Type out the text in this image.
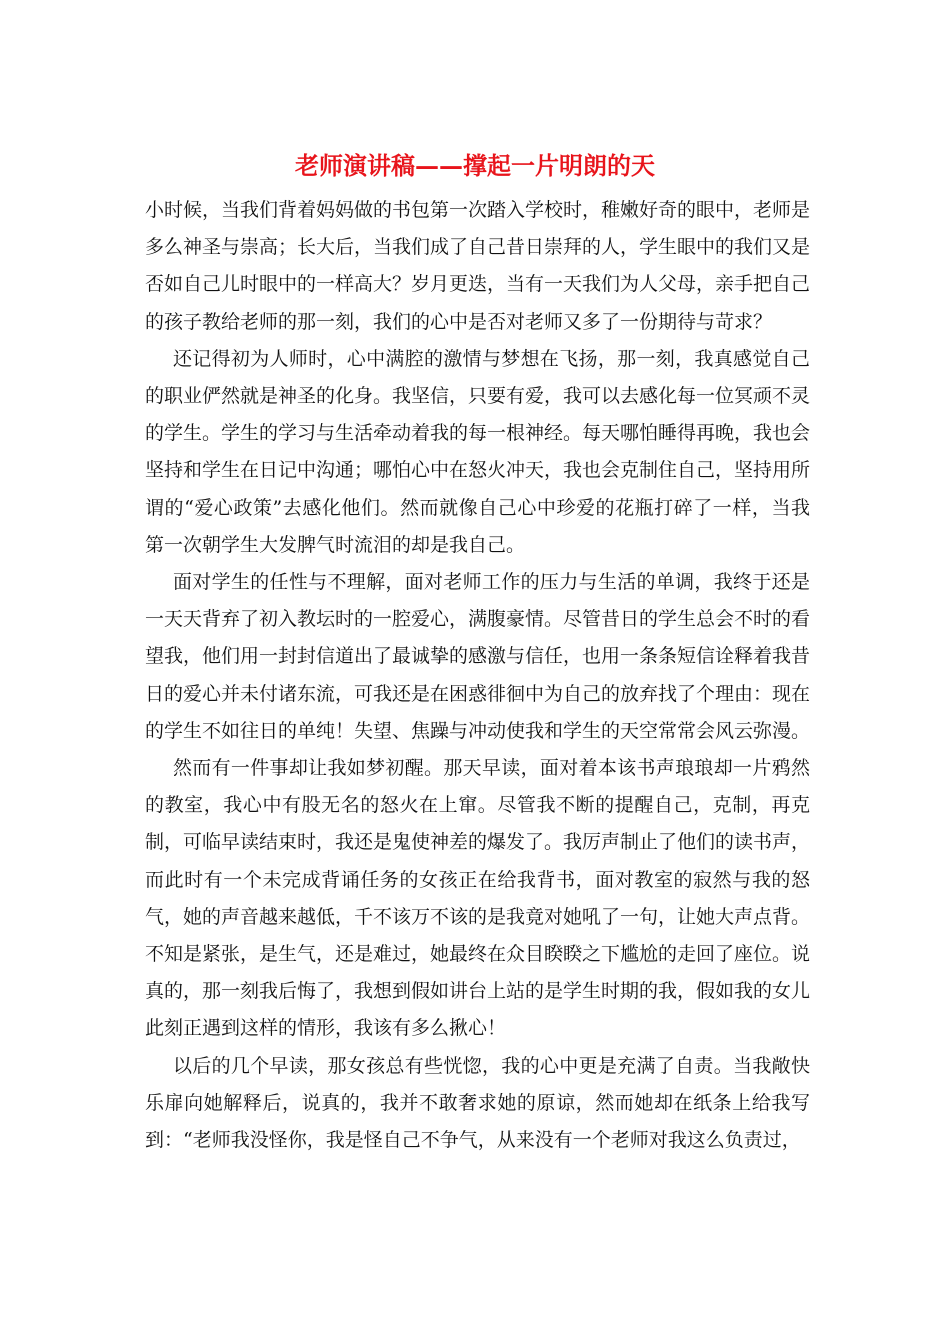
老师演讲稿——撑起一片明朗的天

小时候，当我们背着妈妈做的书包第一次踏入学校时，稚嫩好奇的眼中，老师是多么神圣与崇高；长大后，当我们成了自己昔日崇拜的人，学生眼中的我们又是否如自己儿时眼中的一样高大？岁月更迭，当有一天我们为人父母，亲手把自己的孩子教给老师的那一刻，我们的心中是否对老师又多了一份期待与苛求？

还记得初为人师时，心中满腔的激情与梦想在飞扬，那一刻，我真感觉自己的职业俨然就是神圣的化身。我坚信，只要有爱，我可以去感化每一位冥顽不灵的学生。学生的学习与生活牵动着我的每一根神经。每天哪怕睡得再晚，我也会坚持和学生在日记中沟通；哪怕心中在怒火冲天，我也会克制住自己，坚持用所谓的“爱心政策”去感化他们。然而就像自己心中珍爱的花瓶打碎了一样，当我第一次朝学生大发脾气时流泪的却是我自己。

面对学生的任性与不理解，面对老师工作的压力与生活的单调，我终于还是一天天背弃了初入教坛时的一腔爱心，满腹豪情。尽管昔日的学生总会不时的看望我，他们用一封封信道出了最诚挚的感激与信任，也用一条条短信诠释着我昔日的爱心并未付诸东流，可我还是在困惑徘徊中为自己的放弃找了个理由：现在的学生不如往日的单纯！失望、焦躁与冲动使我和学生的天空常常会风云弥漫。

然而有一件事却让我如梦初醒。那天早读，面对着本该书声琅琅却一片鸦然的教室，我心中有股无名的怒火在上窜。尽管我不断的提醒自己，克制，再克制，可临早读结束时，我还是鬼使神差的爆发了。我厉声制止了他们的读书声，而此时有一个未完成背诵任务的女孩正在给我背书，面对教室的寂然与我的怒气，她的声音越来越低，千不该万不该的是我竟对她吼了一句，让她大声点背。不知是紧张，是生气，还是难过，她最终在众目睽睽之下尴尬的走回了座位。说真的，那一刻我后悔了，我想到假如讲台上站的是学生时期的我，假如我的女儿此刻正遇到这样的情形，我该有多么揪心！

以后的几个早读，那女孩总有些恍惚，我的心中更是充满了自责。当我敞快乐扉向她解释后，说真的，我并不敢奢求她的原谅，然而她却在纸条上给我写到：“老师我没怪你，我是怪自己不争气，从来没有一个老师对我这么负责过，
